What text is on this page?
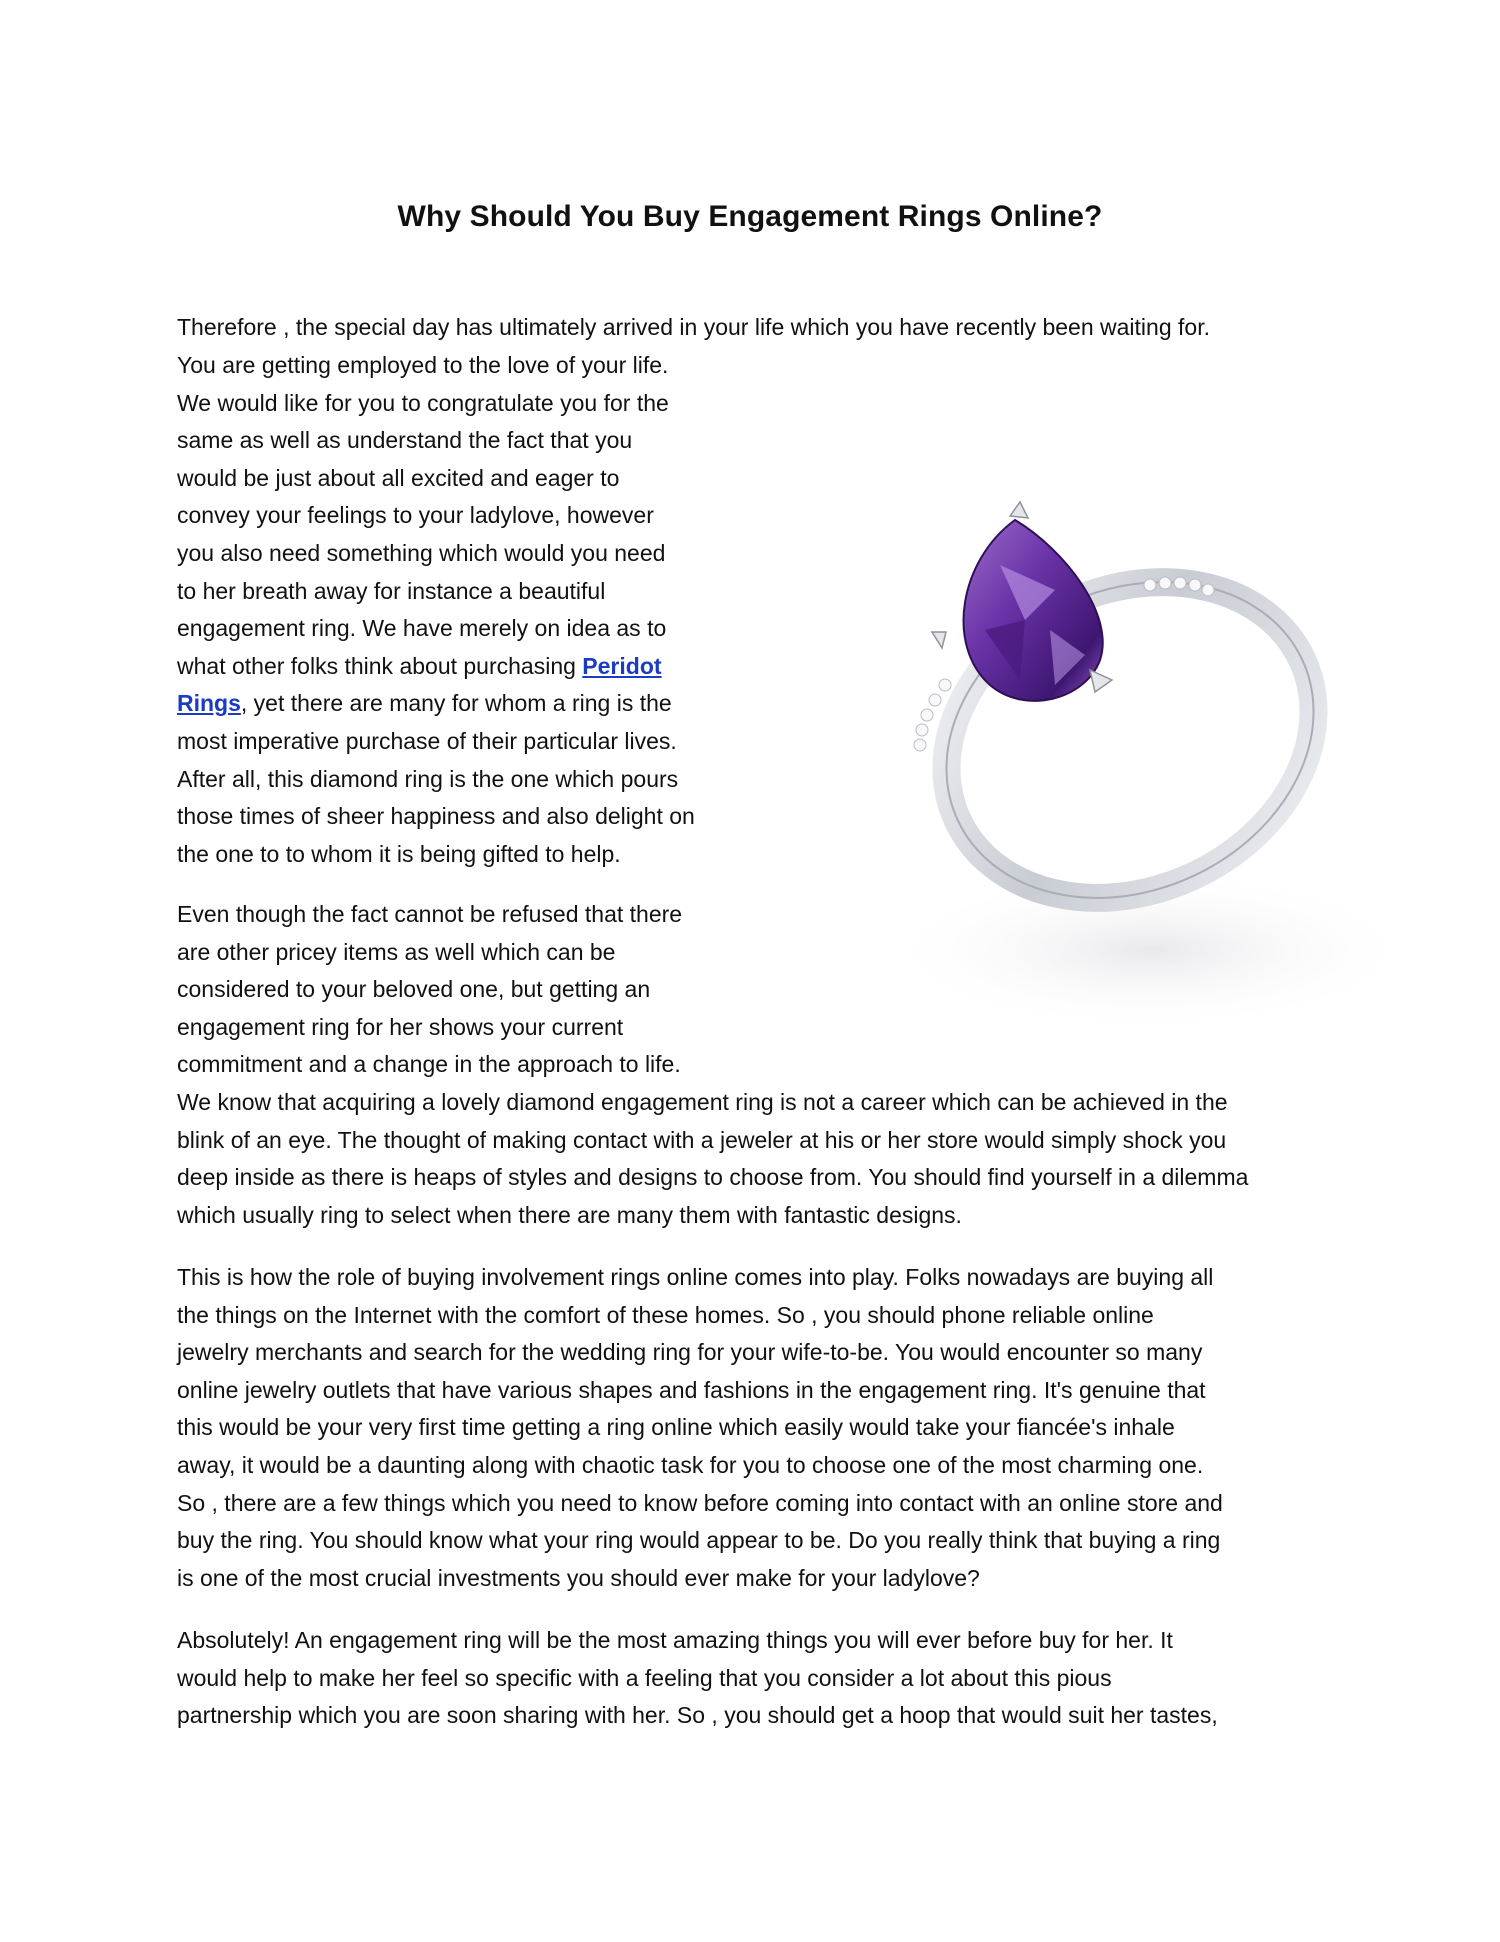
Why Should You Buy Engagement Rings Online?

Therefore , the special day has ultimately arrived in your life which you have recently been waiting for.

You are getting employed to the love of your life.
We would like for you to congratulate you for the
same as well as understand the fact that you
would be just about all excited and eager to
convey your feelings to your ladylove, however
you also need something which would you need
to her breath away for instance a beautiful
engagement ring. We have merely on idea as to
what other folks think about purchasing Peridot
Rings, yet there are many for whom a ring is the
most imperative purchase of their particular lives.
After all, this diamond ring is the one which pours
those times of sheer happiness and also delight on
the one to to whom it is being gifted to help.
Even though the fact cannot be refused that there
are other pricey items as well which can be
considered to your beloved one, but getting an
engagement ring for her shows your current
commitment and a change in the approach to life.
We know that acquiring a lovely diamond engagement ring is not a career which can be achieved in the
blink of an eye. The thought of making contact with a jeweler at his or her store would simply shock you
deep inside as there is heaps of styles and designs to choose from. You should find yourself in a dilemma
which usually ring to select when there are many them with fantastic designs.
This is how the role of buying involvement rings online comes into play. Folks nowadays are buying all
the things on the Internet with the comfort of these homes. So , you should phone reliable online
jewelry merchants and search for the wedding ring for your wife-to-be. You would encounter so many
online jewelry outlets that have various shapes and fashions in the engagement ring. It's genuine that
this would be your very first time getting a ring online which easily would take your fiancée's inhale
away, it would be a daunting along with chaotic task for you to choose one of the most charming one.
So , there are a few things which you need to know before coming into contact with an online store and
buy the ring. You should know what your ring would appear to be. Do you really think that buying a ring
is one of the most crucial investments you should ever make for your ladylove?
Absolutely! An engagement ring will be the most amazing things you will ever before buy for her. It
would help to make her feel so specific with a feeling that you consider a lot about this pious
partnership which you are soon sharing with her. So , you should get a hoop that would suit her tastes,
